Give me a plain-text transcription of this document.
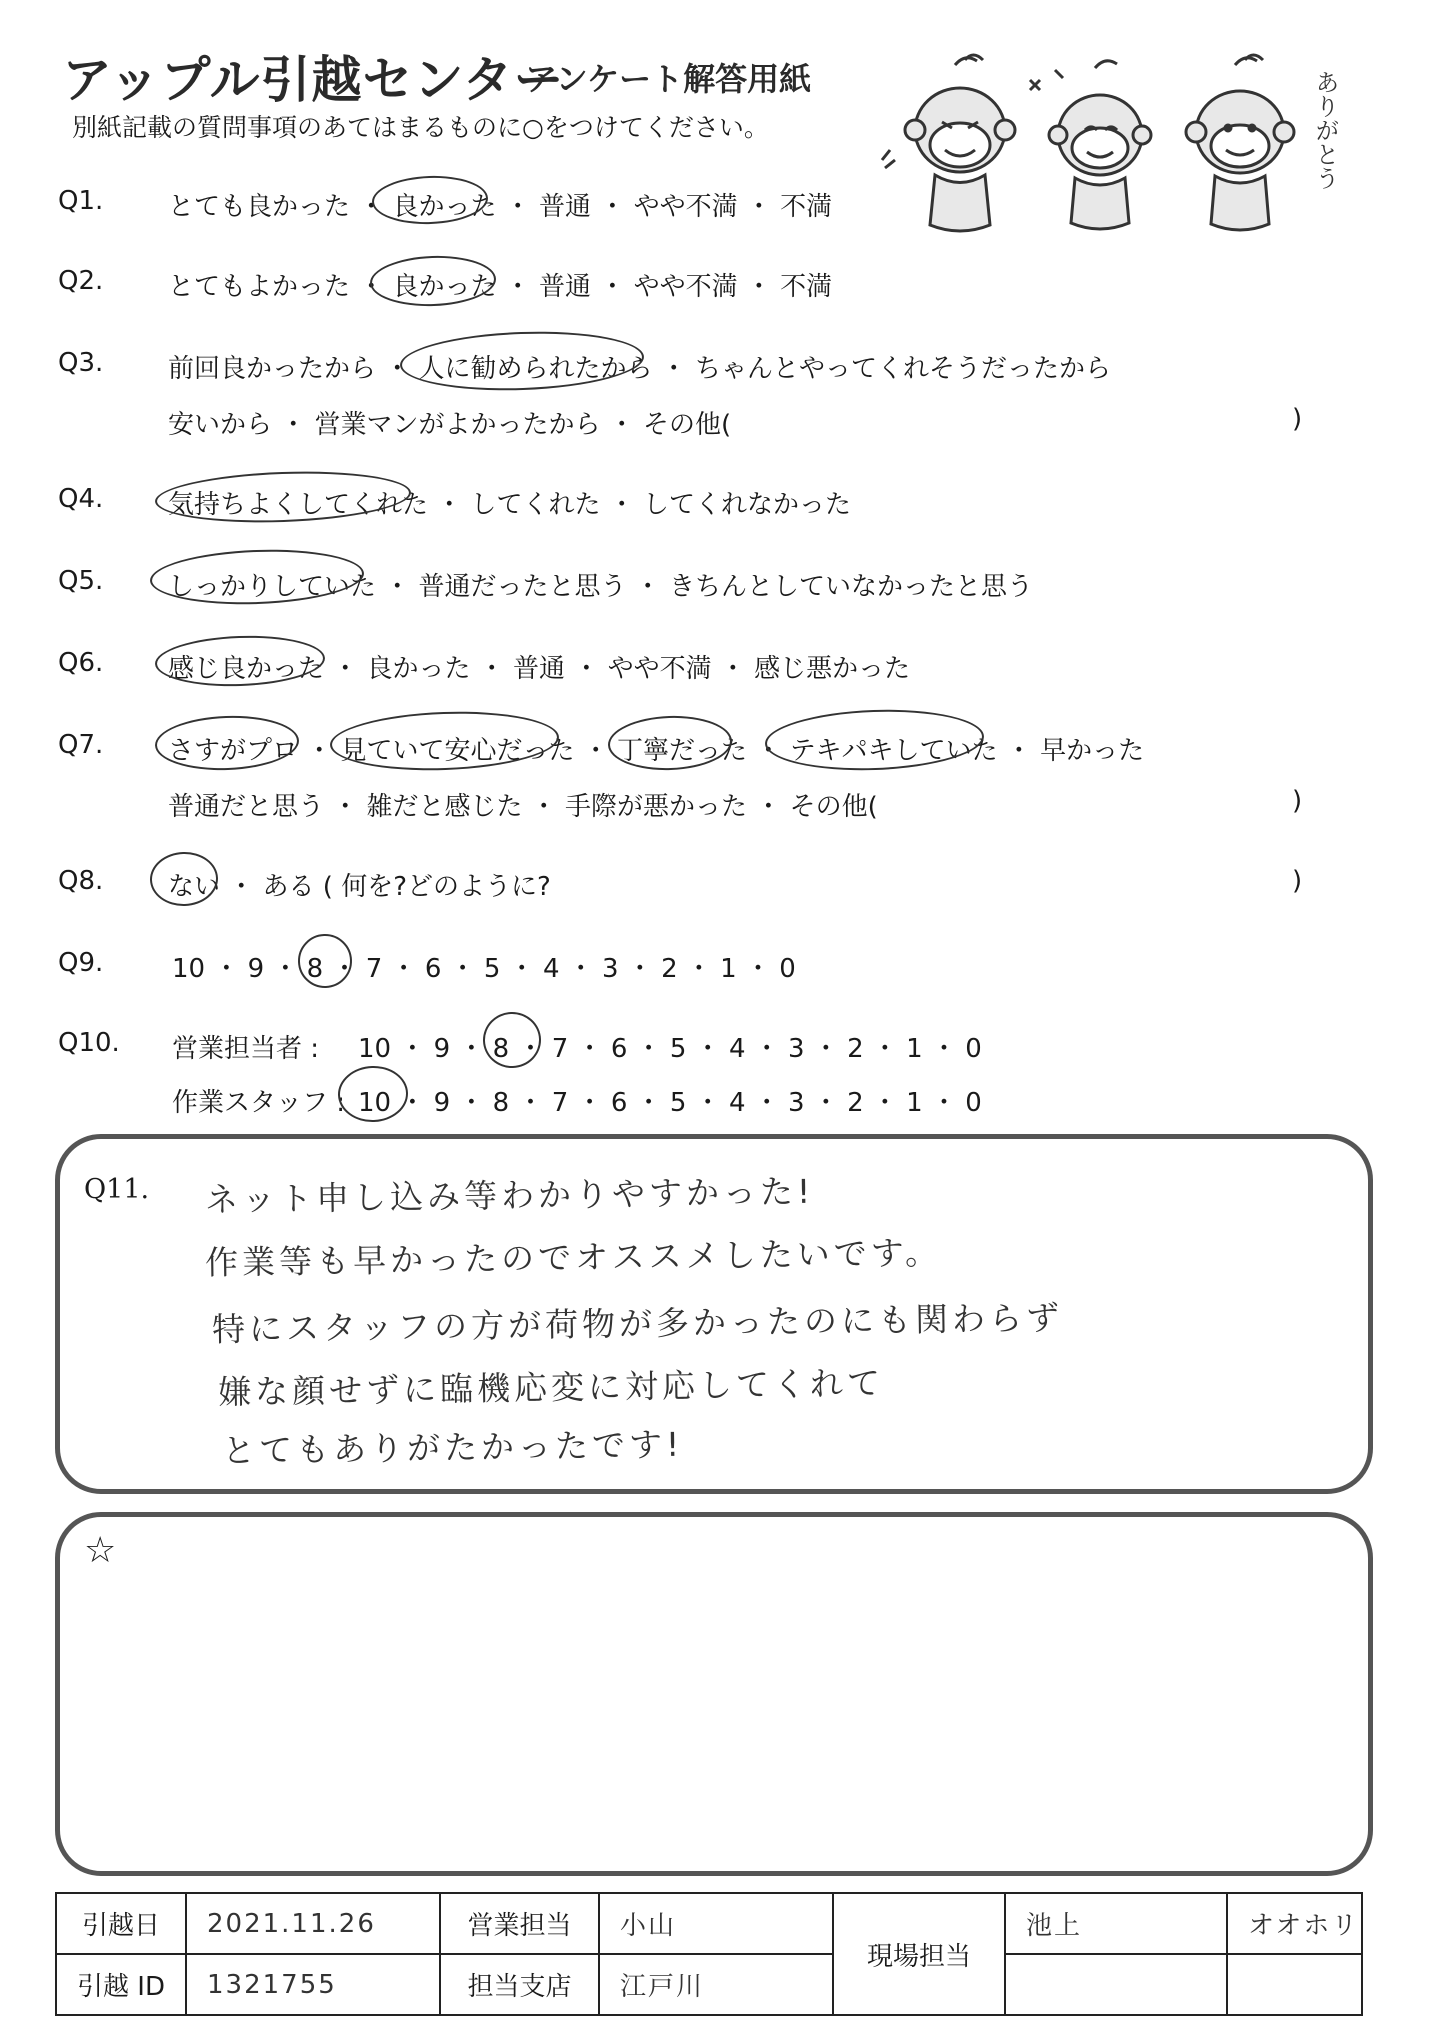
アップル引越センター
アンケート解答用紙
別紙記載の質問事項のあてはまるものに○をつけてください。	ありがとう
Q1. とても良かった ・ 良かった ・ 普通 ・ やや不満 ・ 不満
Q2. とてもよかった ・ 良かった ・ 普通 ・ やや不満 ・ 不満
Q3. 前回良かったから ・ 人に勧められたから ・ ちゃんとやってくれそうだったから
安いから ・ 営業マンがよかったから ・ その他(	)
Q4. 気持ちよくしてくれた ・ してくれた ・ してくれなかった
Q5. しっかりしていた ・ 普通だったと思う ・ きちんとしていなかったと思う
Q6. 感じ良かった ・ 良かった ・ 普通 ・ やや不満 ・ 感じ悪かった
Q7. さすがプロ ・ 見ていて安心だった ・ 丁寧だった ・ テキパキしていた ・ 早かった
普通だと思う ・ 雑だと感じた ・ 手際が悪かった ・ その他(	)
Q8. ない ・ ある ( 何を?どのように?	)
Q9.	10 ・ 9 ・ 8 ・ 7 ・ 6 ・ 5 ・ 4 ・ 3 ・ 2 ・ 1 ・ 0
Q10. 営業担当者 : 10 ・ 9 ・ 8 ・ 7 ・ 6 ・ 5 ・ 4 ・ 3 ・ 2 ・ 1 ・ 0
作業スタッフ : 10 ・ 9 ・ 8 ・ 7 ・ 6 ・ 5 ・ 4 ・ 3 ・ 2 ・ 1 ・ 0
Q11. ネット申し込み等わかりやすかった!
作業等も早かったのでオススメしたいです。
特にスタッフの方が荷物が多かったのにも関わらず
嫌な顔せずに臨機応変に対応してくれて
とてもありがたかったです!
☆
引越日	2021.11.26	営業担当	小山	現場担当	池上	オオホリ
引越 ID	1321755	担当支店	江戸川			
